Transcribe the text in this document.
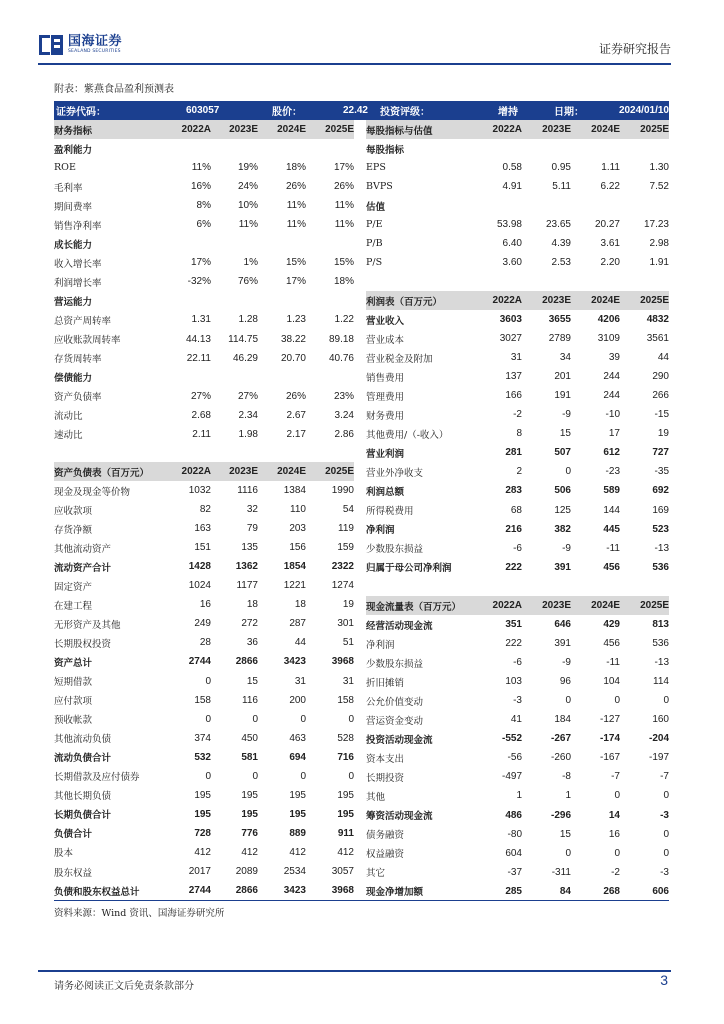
国海证券
SEALAND SECURITIES	证券研究报告
附表：紫燕食品盈利预测表
证券代码：	603057	股价：	22.42	投资评级：	增持	日期：	2024/01/10
财务指标	2022A	2023E	2024E	2025E
盈利能力
ROE	11%	19%	18%	17%
毛利率	16%	24%	26%	26%
期间费率	8%	10%	11%	11%
销售净利率	6%	11%	11%	11%
成长能力
收入增长率	17%	1%	15%	15%
利润增长率	-32%	76%	17%	18%
营运能力
总资产周转率	1.31	1.28	1.23	1.22
应收账款周转率	44.13	114.75	38.22	89.18
存货周转率	22.11	46.29	20.70	40.76
偿债能力
资产负债率	27%	27%	26%	23%
流动比	2.68	2.34	2.67	3.24
速动比	2.11	1.98	2.17	2.86
每股指标与估值	2022A	2023E	2024E	2025E
每股指标
EPS	0.58	0.95	1.11	1.30
BVPS	4.91	5.11	6.22	7.52
估值
P/E	53.98	23.65	20.27	17.23
P/B	6.40	4.39	3.61	2.98
P/S	3.60	2.53	2.20	1.91
利润表（百万元）	2022A	2023E	2024E	2025E
营业收入	3603	3655	4206	4832
营业成本	3027	2789	3109	3561
营业税金及附加	31	34	39	44
销售费用	137	201	244	290
管理费用	166	191	244	266
财务费用	-2	-9	-10	-15
其他费用/（-收入）	8	15	17	19
营业利润	281	507	612	727
营业外净收支	2	0	-23	-35
利润总额	283	506	589	692
所得税费用	68	125	144	169
净利润	216	382	445	523
少数股东损益	-6	-9	-11	-13
归属于母公司净利润	222	391	456	536
资产负债表（百万元）	2022A	2023E	2024E	2025E
现金及现金等价物	1032	1116	1384	1990
应收款项	82	32	110	54
存货净额	163	79	203	119
其他流动资产	151	135	156	159
流动资产合计	1428	1362	1854	2322
固定资产	1024	1177	1221	1274
在建工程	16	18	18	19
无形资产及其他	249	272	287	301
长期股权投资	28	36	44	51
资产总计	2744	2866	3423	3968
短期借款	0	15	31	31
应付款项	158	116	200	158
预收帐款	0	0	0	0
其他流动负债	374	450	463	528
流动负债合计	532	581	694	716
长期借款及应付债券	0	0	0	0
其他长期负债	195	195	195	195
长期负债合计	195	195	195	195
负债合计	728	776	889	911
股本	412	412	412	412
股东权益	2017	2089	2534	3057
负债和股东权益总计	2744	2866	3423	3968
现金流量表（百万元）	2022A	2023E	2024E	2025E
经营活动现金流	351	646	429	813
净利润	222	391	456	536
少数股东损益	-6	-9	-11	-13
折旧摊销	103	96	104	114
公允价值变动	-3	0	0	0
营运资金变动	41	184	-127	160
投资活动现金流	-552	-267	-174	-204
资本支出	-56	-260	-167	-197
长期投资	-497	-8	-7	-7
其他	1	1	0	0
筹资活动现金流	486	-296	14	-3
债务融资	-80	15	16	0
权益融资	604	0	0	0
其它	-37	-311	-2	-3
现金净增加额	285	84	268	606
资料来源：Wind 资讯、国海证券研究所
请务必阅读正文后免责条款部分	3
